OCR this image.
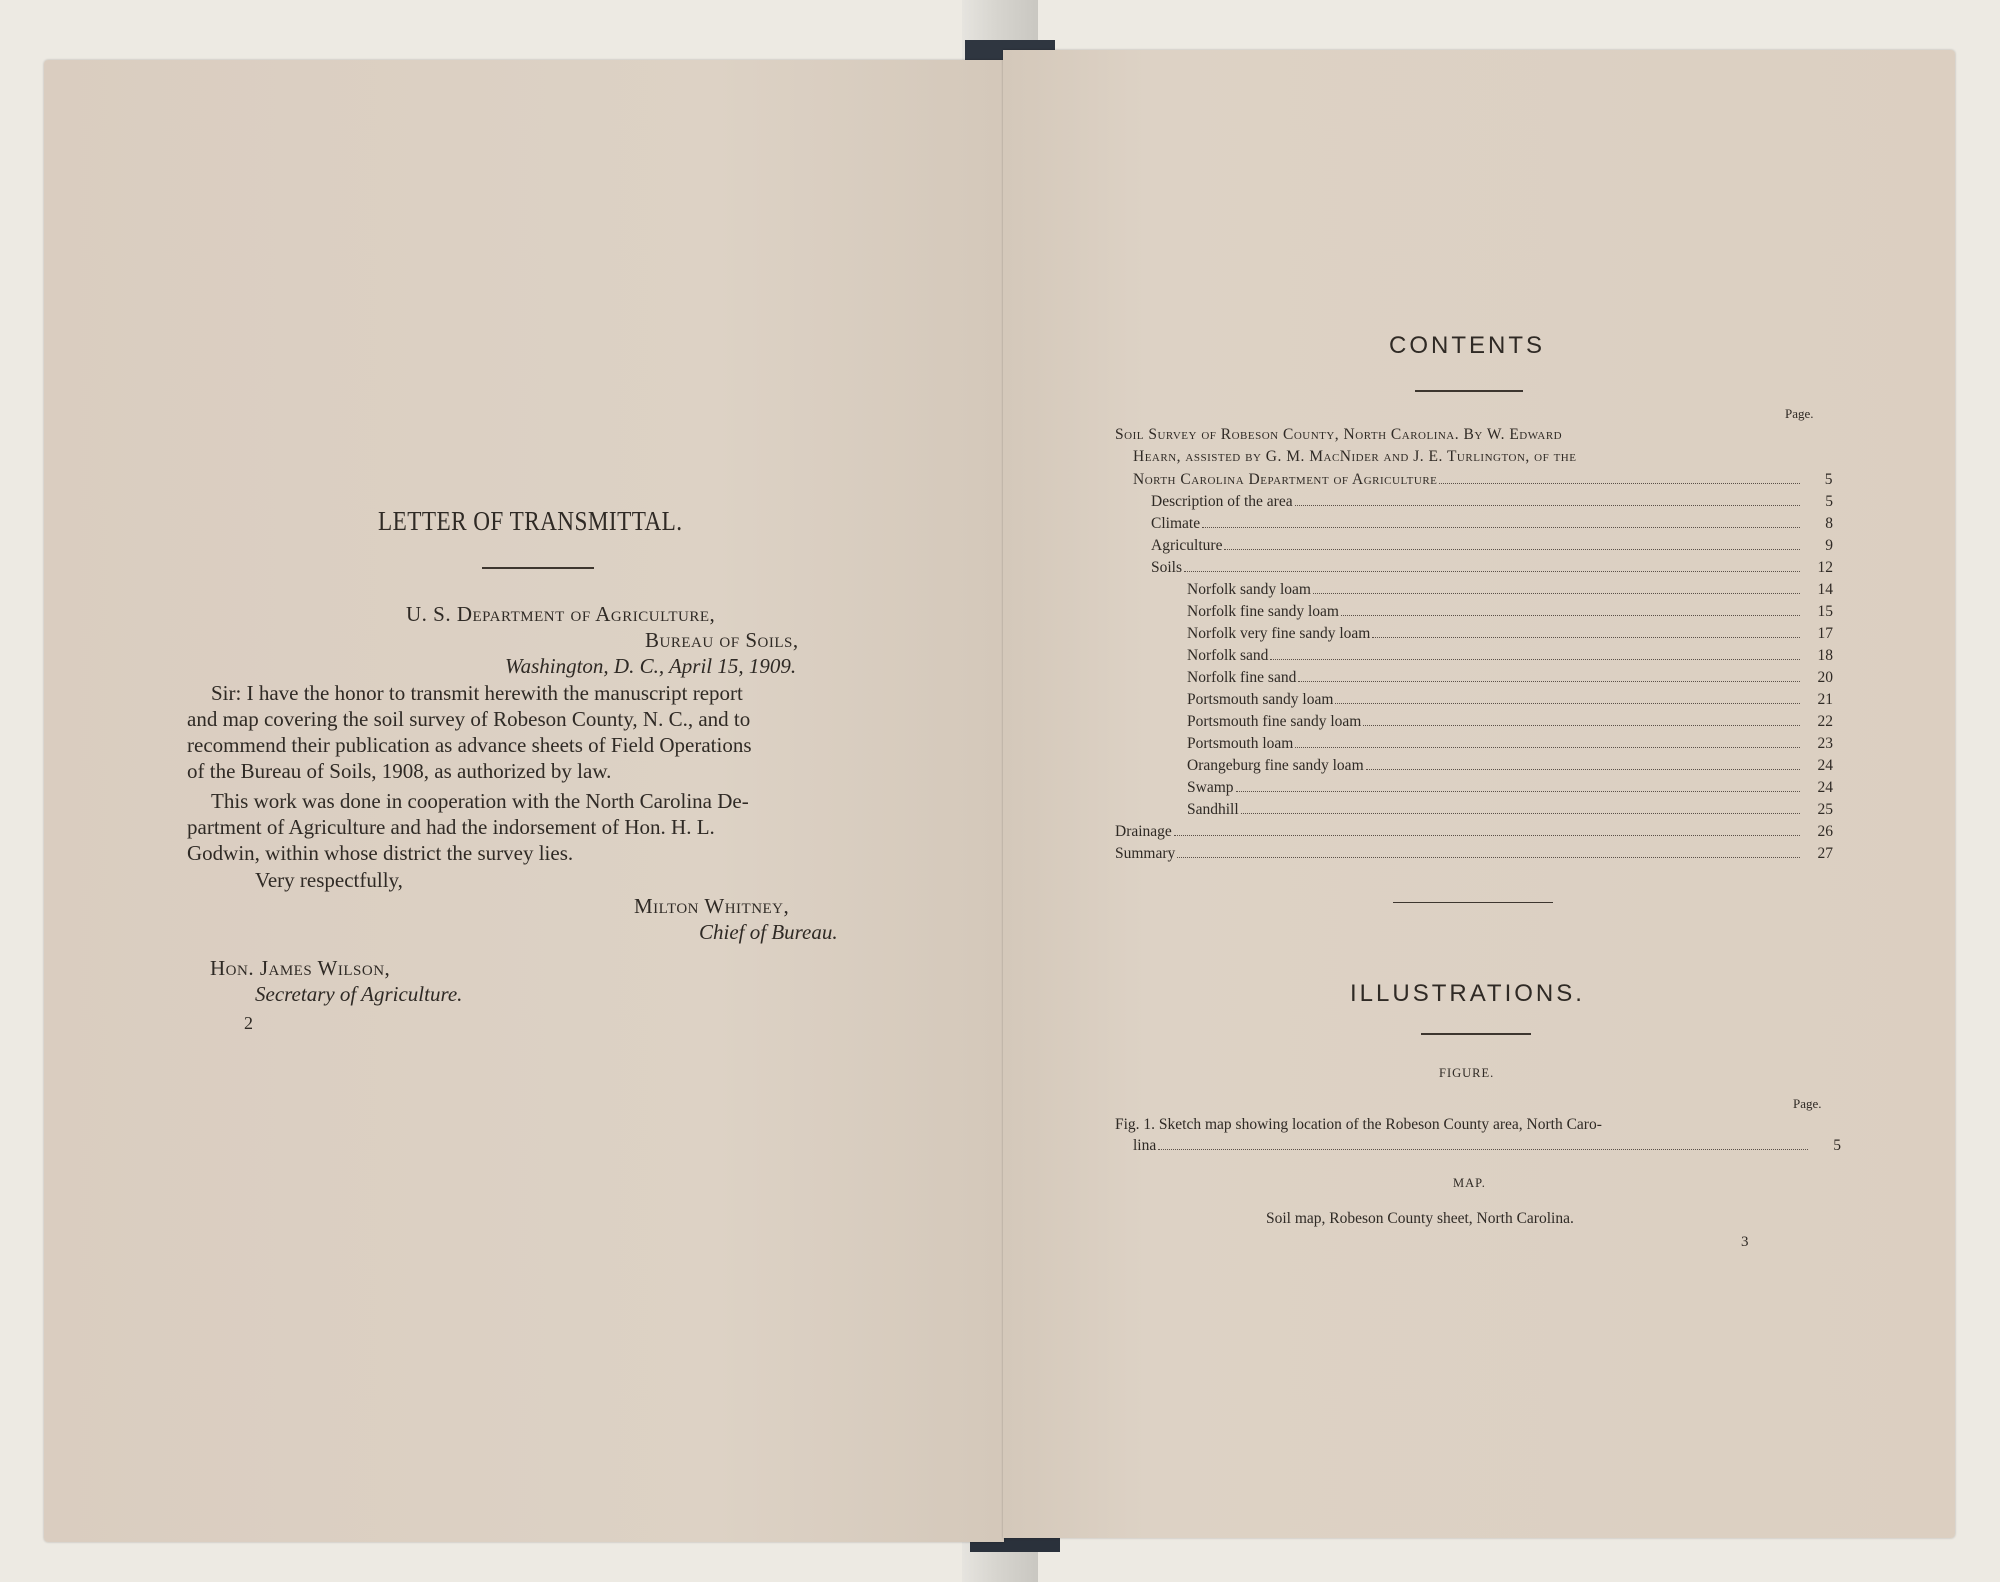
LETTER OF TRANSMITTAL.

U. S. Department of Agriculture,

Bureau of Soils,

Washington, D. C., April 15, 1909.

Sir: I have the honor to transmit herewith the manuscript report
and map covering the soil survey of Robeson County, N. C., and to
recommend their publication as advance sheets of Field Operations
of the Bureau of Soils, 1908, as authorized by law.
This work was done in cooperation with the North Carolina De-
partment of Agriculture and had the indorsement of Hon. H. L.
Godwin, within whose district the survey lies.

Very respectfully,

Milton Whitney,

Chief of Bureau.

Hon. James Wilson,

Secretary of Agriculture.

2

CONTENTS

Page.

Soil Survey of Robeson County, North Carolina. By W. Edward

Hearn, assisted by G. M. MacNider and J. E. Turlington, of the

North Carolina Department of Agriculture	5
Description of the area	5
Climate	8
Agriculture	9
Soils	12
Norfolk sandy loam	14
Norfolk fine sandy loam	15
Norfolk very fine sandy loam	17
Norfolk sand	18
Norfolk fine sand	20
Portsmouth sandy loam	21
Portsmouth fine sandy loam	22
Portsmouth loam	23
Orangeburg fine sandy loam	24
Swamp	24
Sandhill	25
Drainage	26
Summary	27

ILLUSTRATIONS.

FIGURE.

Page.

Fig. 1. Sketch map showing location of the Robeson County area, North Caro-

lina	5

MAP.

Soil map, Robeson County sheet, North Carolina.

3
